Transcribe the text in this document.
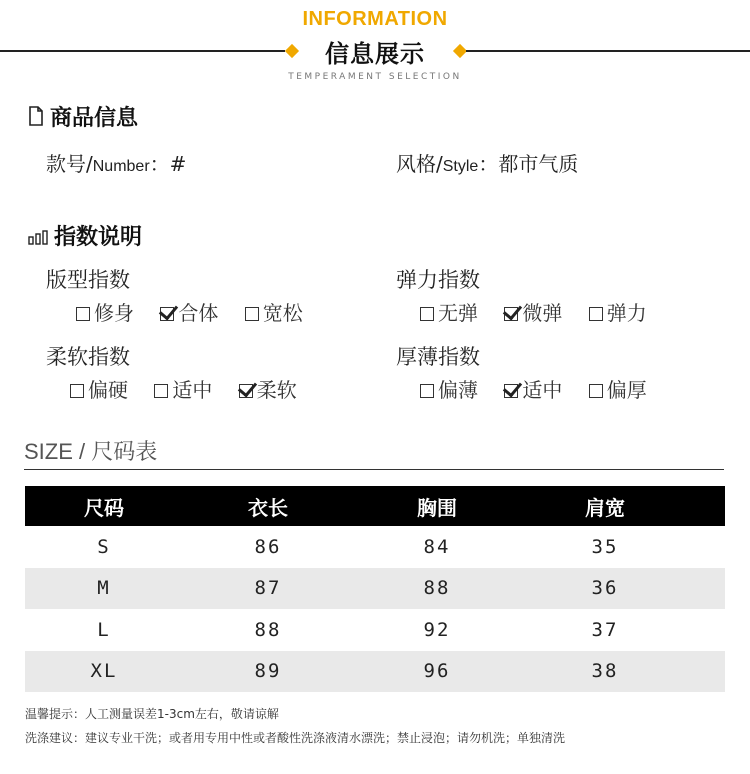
INFORMATION
信息展示
TEMPERAMENT SELECTION
商品信息
款号/Number：#	风格/Style：都市气质
指数说明
版型指数
修身 合体 宽松
弹力指数
无弹 微弹 弹力
柔软指数
偏硬 适中 柔软
厚薄指数
偏薄 适中 偏厚
SIZE / 尺码表
尺码	衣长	胸围	肩宽
S	86	84	35
M	87	88	36
L	88	92	37
XL	89	96	38
温馨提示：人工测量误差1-3cm左右，敬请谅解
洗涤建议：建议专业干洗；或者用专用中性或者酸性洗涤液清水漂洗；禁止浸泡；请勿机洗；单独清洗
